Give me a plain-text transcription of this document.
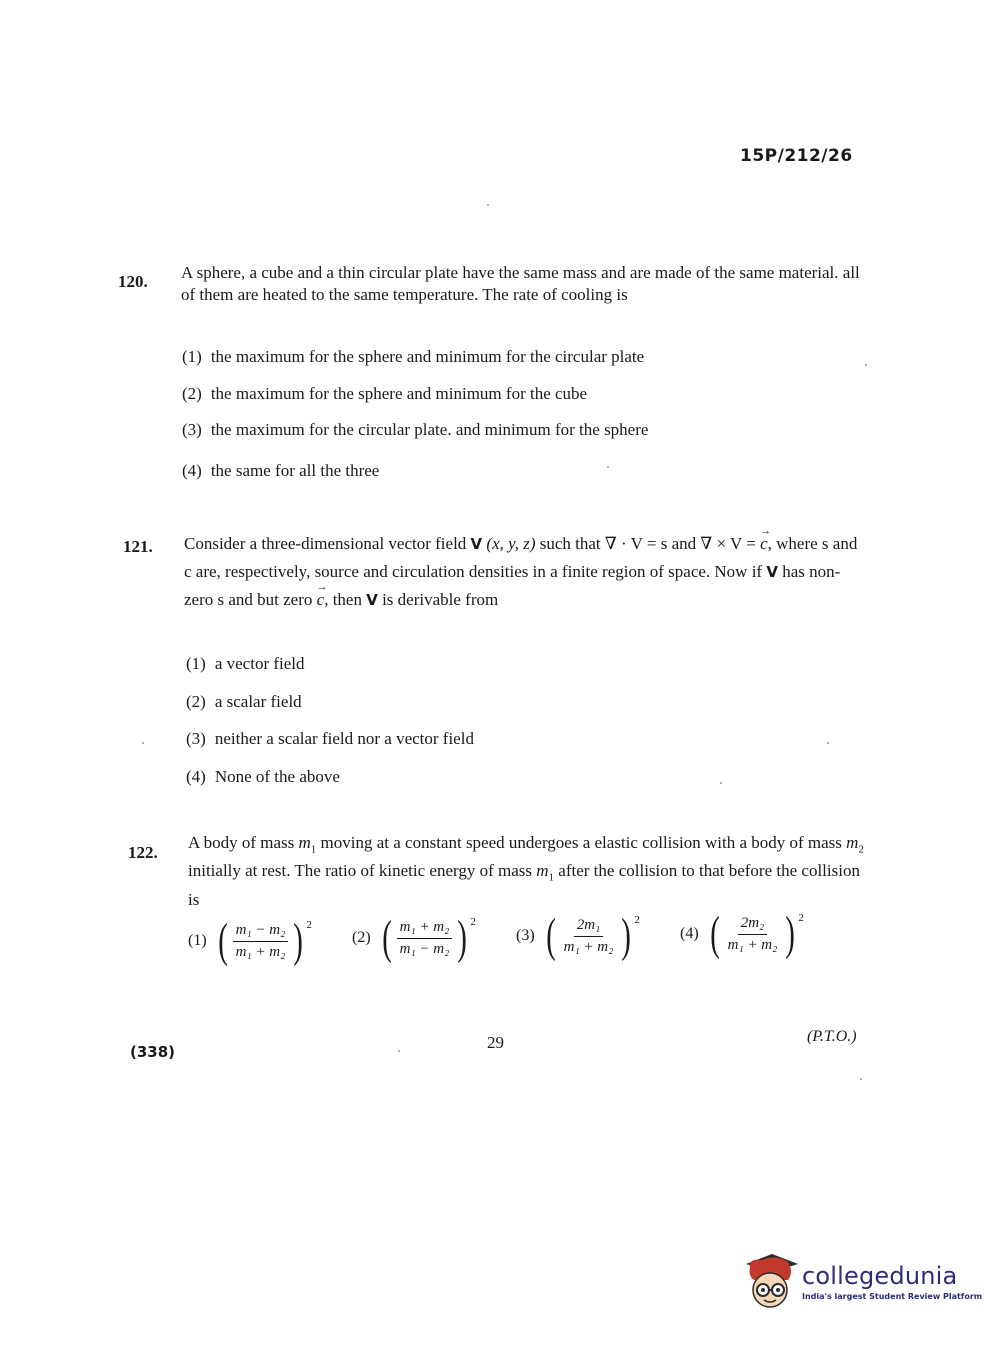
15P/212/26
120. A sphere, a cube and a thin circular plate have the same mass and are made of the same material. all of them are heated to the same temperature. The rate of cooling is
(1) the maximum for the sphere and minimum for the circular plate
(2) the maximum for the sphere and minimum for the cube
(3) the maximum for the circular plate. and minimum for the sphere
(4) the same for all the three
121. Consider a three-dimensional vector field V (x, y, z) such that ∇ · V = s and ∇ × V = → c, where s and c are, respectively, source and circulation densities in a finite region of space. Now if V has non-zero s and but zero → c, then V is derivable from
(1) a vector field
(2) a scalar field
(3) neither a scalar field nor a vector field
(4) None of the above
122.
A body of mass $m_1$ moving at a constant speed undergoes a elastic collision with a body of mass $m_2$ initially at rest. The ratio of kinetic energy of mass $m_1$ after the collision to that before the collision is
(1) ( $\frac{\text{m₁ − m₂}}{\text{m₁ + m₂}}$ ) 2
(2) ( $\frac{\text{m₁ + m₂}}{\text{m₁ − m₂}}$ ) 2
(3) ( $\frac{\text{2m₁}}{\text{m₁ + m₂}}$ ) 2
(4) ( $\frac{\text{2m₂}}{\text{m₁ + m₂}}$ ) 2
(338)	29	(P.T.O.)
collegedunia
India's largest Student Review Platform
